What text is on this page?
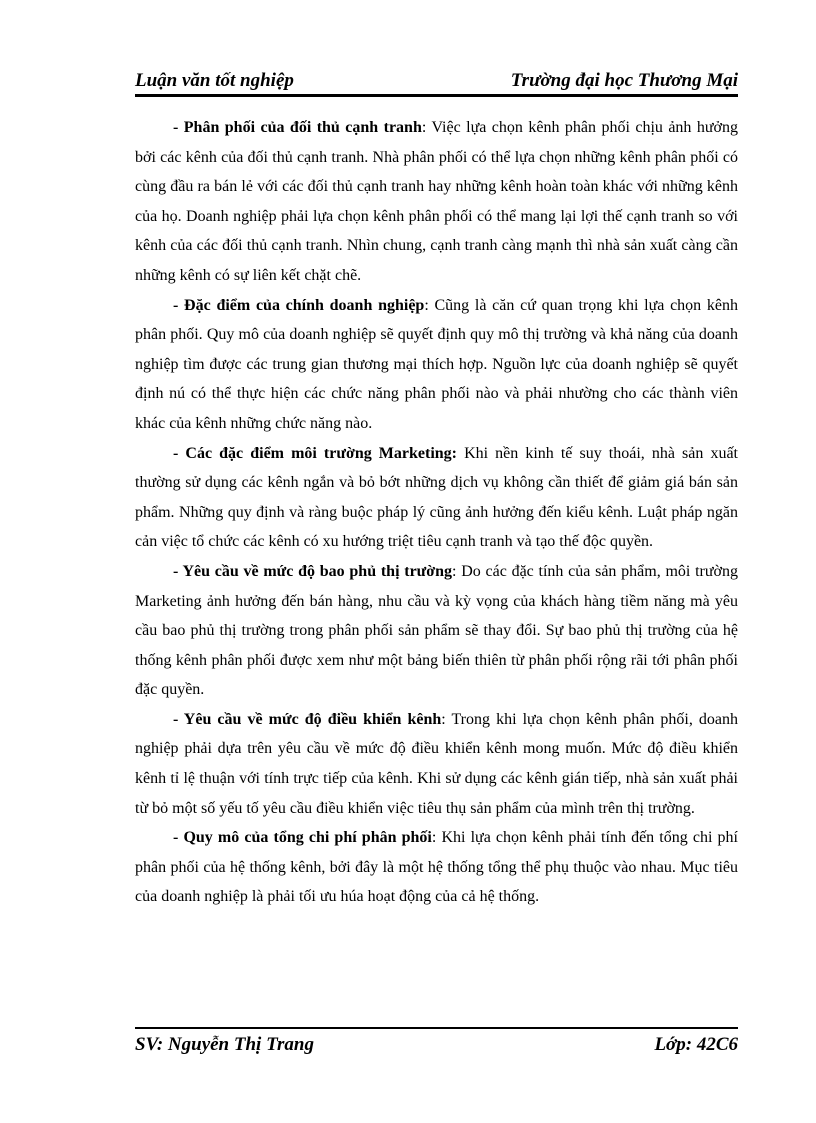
Luận văn tốt nghiệp	Trường đại học Thương Mại

- Phân phối của đối thủ cạnh tranh: Việc lựa chọn kênh phân phối chịu ảnh hưởng bởi các kênh của đối thủ cạnh tranh. Nhà phân phối có thể lựa chọn những kênh phân phối có cùng đầu ra bán lẻ với các đối thủ cạnh tranh hay những kênh hoàn toàn khác với những kênh của họ. Doanh nghiệp phải lựa chọn kênh phân phối có thể mang lại lợi thế cạnh tranh so với kênh của các đối thủ cạnh tranh. Nhìn chung, cạnh tranh càng mạnh thì nhà sản xuất càng cần những kênh có sự liên kết chặt chẽ.

- Đặc điểm của chính doanh nghiệp: Cũng là căn cứ quan trọng khi lựa chọn kênh phân phối. Quy mô của doanh nghiệp sẽ quyết định quy mô thị trường và khả năng của doanh nghiệp tìm được các trung gian thương mại thích hợp. Nguồn lực của doanh nghiệp sẽ quyết định nú có thể thực hiện các chức năng phân phối nào và phải nhường cho các thành viên khác của kênh những chức năng nào.

- Các đặc điểm môi trường Marketing: Khi nền kinh tế suy thoái, nhà sản xuất thường sử dụng các kênh ngắn và bỏ bớt những dịch vụ không cần thiết để giảm giá bán sản phẩm. Những quy định và ràng buộc pháp lý cũng ảnh hưởng đến kiểu kênh. Luật pháp ngăn cản việc tổ chức các kênh có xu hướng triệt tiêu cạnh tranh và tạo thế độc quyền.

- Yêu cầu về mức độ bao phủ thị trường: Do các đặc tính của sản phẩm, môi trường Marketing ảnh hưởng đến bán hàng, nhu cầu và kỳ vọng của khách hàng tiềm năng mà yêu cầu bao phủ thị trường trong phân phối sản phẩm sẽ thay đổi. Sự bao phủ thị trường của hệ thống kênh phân phối được xem như một bảng biến thiên từ phân phối rộng rãi tới phân phối đặc quyền.

- Yêu cầu về mức độ điều khiển kênh: Trong khi lựa chọn kênh phân phối, doanh nghiệp phải dựa trên yêu cầu về mức độ điều khiển kênh mong muốn. Mức độ điều khiển kênh tỉ lệ thuận với tính trực tiếp của kênh. Khi sử dụng các kênh gián tiếp, nhà sản xuất phải từ bỏ một số yếu tố yêu cầu điều khiển việc tiêu thụ sản phẩm của mình trên thị trường.

- Quy mô của tổng chi phí phân phối: Khi lựa chọn kênh phải tính đến tổng chi phí phân phối của hệ thống kênh, bởi đây là một hệ thống tổng thể phụ thuộc vào nhau. Mục tiêu của doanh nghiệp là phải tối ưu húa hoạt động của cả hệ thống.

SV: Nguyễn Thị Trang	Lớp: 42C6
